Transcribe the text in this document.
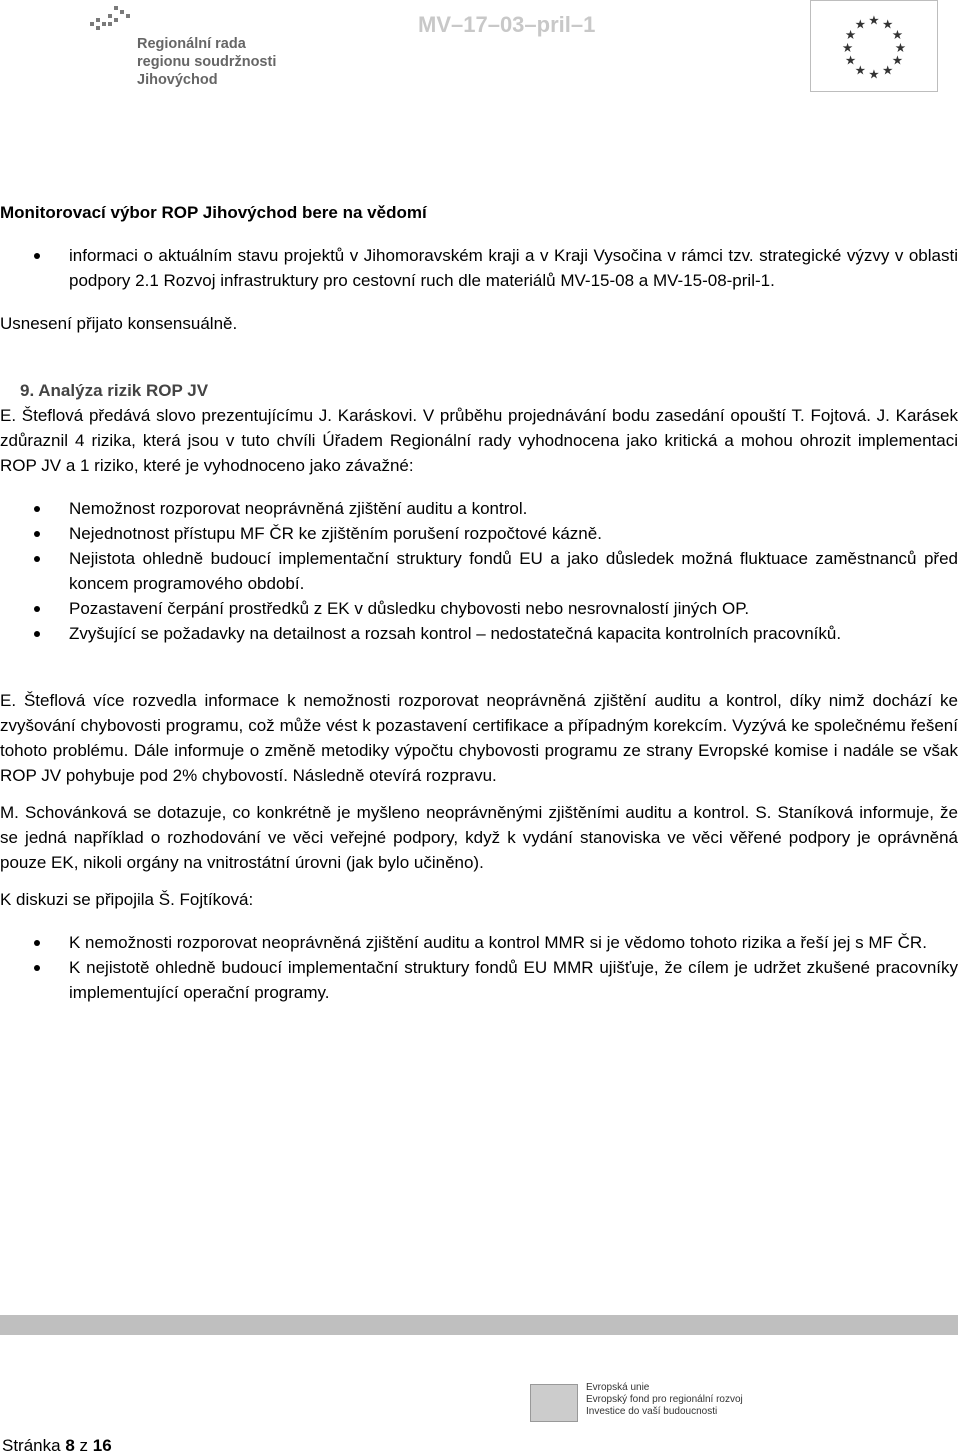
Regionální rada
regionu soudržnosti
Jihovýchod
MV–17–03–pril–1	★ ★
★
★
★
★
★
★
★
★
★
★

Monitorovací výbor ROP Jihovýchod bere na vědomí

informaci o aktuálním stavu projektů v Jihomoravském kraji a v Kraji Vysočina v rámci tzv. strategické výzvy v oblasti podpory 2.1 Rozvoj infrastruktury pro cestovní ruch dle materiálů MV-15-08 a MV-15-08-pril-1.

Usnesení přijato konsensuálně.

9. Analýza rizik ROP JV

E. Šteflová předává slovo prezentujícímu J. Karáskovi. V průběhu projednávání bodu zasedání opouští T. Fojtová. J. Karásek zdůraznil 4 rizika, která jsou v tuto chvíli Úřadem Regionální rady vyhodnocena jako kritická a mohou ohrozit implementaci ROP JV a 1 riziko, které je vyhodnoceno jako závažné:

Nemožnost rozporovat neoprávněná zjištění auditu a kontrol.
Nejednotnost přístupu MF ČR ke zjištěním porušení rozpočtové kázně.
Nejistota ohledně budoucí implementační struktury fondů EU a jako důsledek možná fluktuace zaměstnanců před koncem programového období.
Pozastavení čerpání prostředků z EK v důsledku chybovosti nebo nesrovnalostí jiných OP.
Zvyšující se požadavky na detailnost a rozsah kontrol – nedostatečná kapacita kontrolních pracovníků.

E. Šteflová více rozvedla informace k nemožnosti rozporovat neoprávněná zjištění auditu a kontrol, díky nimž dochází ke zvyšování chybovosti programu, což může vést k pozastavení certifikace a případným korekcím. Vyzývá ke společnému řešení tohoto problému. Dále informuje o změně metodiky výpočtu chybovosti programu ze strany Evropské komise i nadále se však ROP JV pohybuje pod 2% chybovostí. Následně otevírá rozpravu.

M. Schovánková se dotazuje, co konkrétně je myšleno neoprávněnými zjištěními auditu a kontrol. S. Staníková informuje, že se jedná například o rozhodování ve věci veřejné podpory, když k vydání stanoviska ve věci věřené podpory je oprávněná pouze EK, nikoli orgány na vnitrostátní úrovni (jak bylo učiněno).

K diskuzi se připojila Š. Fojtíková:

K nemožnosti rozporovat neoprávněná zjištění auditu a kontrol MMR si je vědomo tohoto rizika a řeší jej s MF ČR.
K nejistotě ohledně budoucí implementační struktury fondů EU MMR ujišťuje, že cílem je udržet zkušené pracovníky implementující operační programy.
Evropská unie
Evropský fond pro regionální rozvoj
Investice do vaší budoucnosti
Stránka 8 z 16
